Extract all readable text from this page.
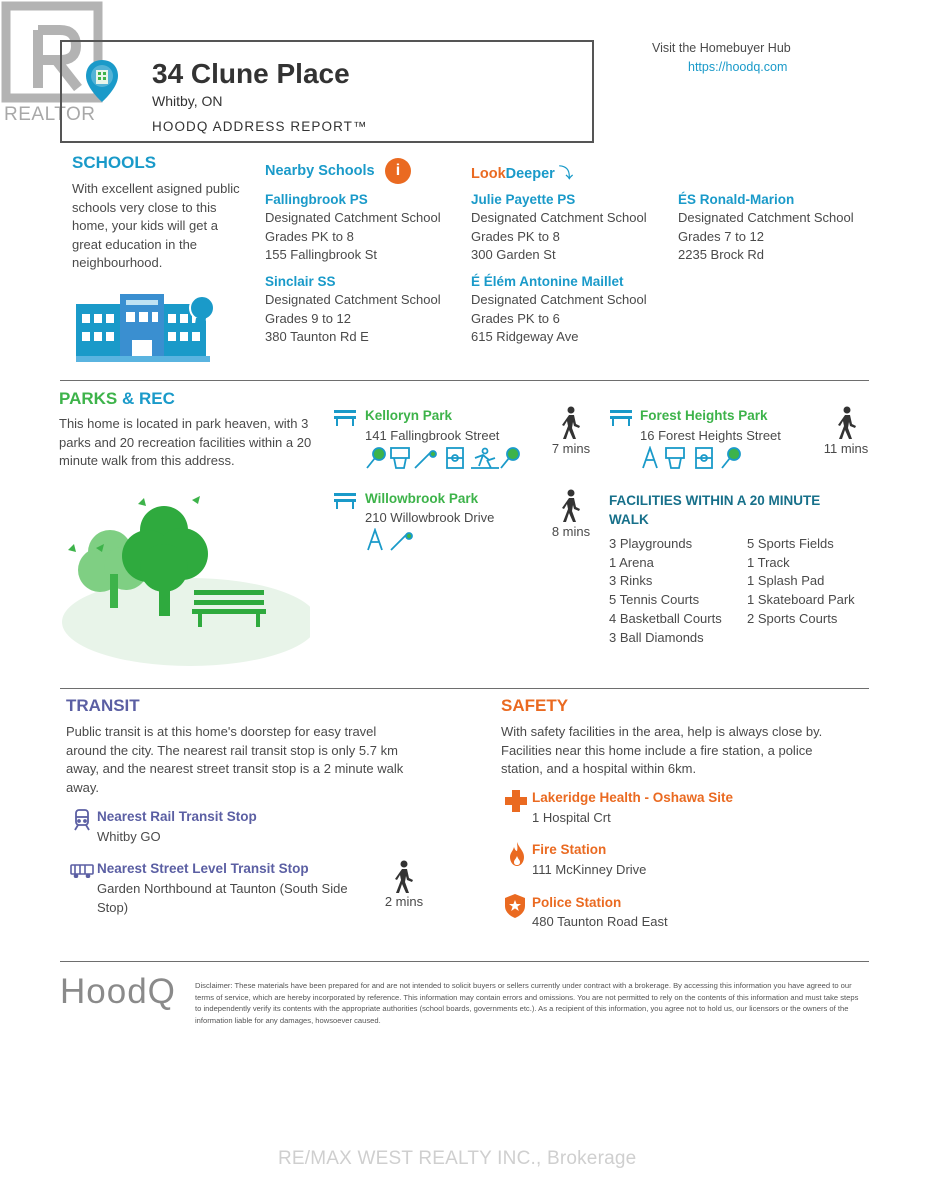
REALTOR
34 Clune Place
Whitby, ON
HOODQ ADDRESS REPORT™
Visit the Homebuyer Hub
https://hoodq.com
SCHOOLS
With excellent asigned public schools very close to this home, your kids will get a great education in the neighbourhood.
Nearby Schools	i	LookDeeper ⤵
Fallingbrook PS
Designated Catchment School
Grades PK to 8
155 Fallingbrook St
Julie Payette PS
Designated Catchment School
Grades PK to 8
300 Garden St
ÉS Ronald-Marion
Designated Catchment School
Grades 7 to 12
2235 Brock Rd
Sinclair SS
Designated Catchment School
Grades 9 to 12
380 Taunton Rd E
É Élém Antonine Maillet
Designated Catchment School
Grades PK to 6
615 Ridgeway Ave
PARKS & REC
This home is located in park heaven, with 3 parks and 20 recreation facilities within a 20 minute walk from this address.
Kelloryn Park
141 Fallingbrook Street
7 mins
Forest Heights Park
16 Forest Heights Street
11 mins
Willowbrook Park
210 Willowbrook Drive
8 mins
FACILITIES WITHIN A 20 MINUTE WALK
3 Playgrounds
1 Arena
3 Rinks
5 Tennis Courts
4 Basketball Courts
3 Ball Diamonds
5 Sports Fields
1 Track
1 Splash Pad
1 Skateboard Park
2 Sports Courts
TRANSIT
Public transit is at this home's doorstep for easy travel around the city. The nearest rail transit stop is only 5.7 km away, and the nearest street transit stop is a 2 minute walk away.
Nearest Rail Transit Stop
Whitby GO
Nearest Street Level Transit Stop
Garden Northbound at Taunton (South Side Stop)	2 mins
SAFETY
With safety facilities in the area, help is always close by. Facilities near this home include a fire station, a police station, and a hospital within 6km.
Lakeridge Health - Oshawa Site
1 Hospital Crt
Fire Station
111 McKinney Drive
Police Station
480 Taunton Road East
HoodQ	Disclaimer: These materials have been prepared for and are not intended to solicit buyers or sellers currently under contract with a brokerage. By accessing this information you have agreed to our terms of service, which are hereby incorporated by reference. This information may contain errors and omissions. You are not permitted to rely on the contents of this information and must take steps to independently verify its contents with the appropriate authorities (school boards, governments etc.). As a recipient of this information, you agree not to hold us, our licensors or the owners of the information liable for any damages, howsoever caused.
RE/MAX WEST REALTY INC., Brokerage
